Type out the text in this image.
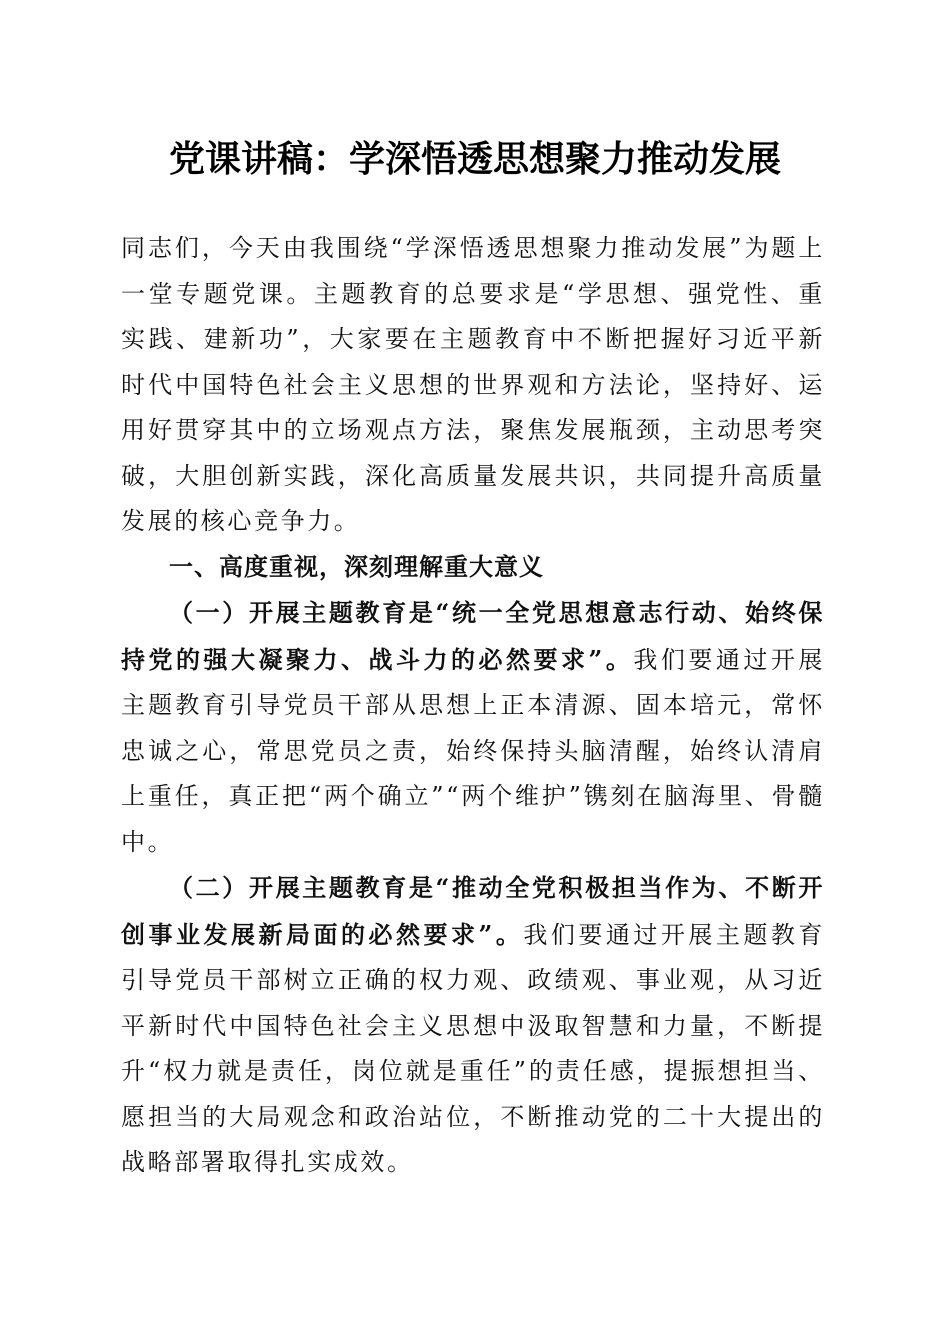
党课讲稿：学深悟透思想聚力推动发展

同志们，今天由我围绕“学深悟透思想聚力推动发展”为题上一堂专题党课。主题教育的总要求是“学思想、强党性、重实践、建新功”，大家要在主题教育中不断把握好习近平新时代中国特色社会主义思想的世界观和方法论，坚持好、运用好贯穿其中的立场观点方法，聚焦发展瓶颈，主动思考突破，大胆创新实践，深化高质量发展共识，共同提升高质量发展的核心竞争力。

一、高度重视，深刻理解重大意义

（一）开展主题教育是“统一全党思想意志行动、始终保持党的强大凝聚力、战斗力的必然要求”。我们要通过开展主题教育引导党员干部从思想上正本清源、固本培元，常怀忠诚之心，常思党员之责，始终保持头脑清醒，始终认清肩上重任，真正把“两个确立”“两个维护”镌刻在脑海里、骨髓中。

（二）开展主题教育是“推动全党积极担当作为、不断开创事业发展新局面的必然要求”。我们要通过开展主题教育引导党员干部树立正确的权力观、政绩观、事业观，从习近平新时代中国特色社会主义思想中汲取智慧和力量，不断提升“权力就是责任，岗位就是重任”的责任感，提振想担当、愿担当的大局观念和政治站位，不断推动党的二十大提出的战略部署取得扎实成效。
